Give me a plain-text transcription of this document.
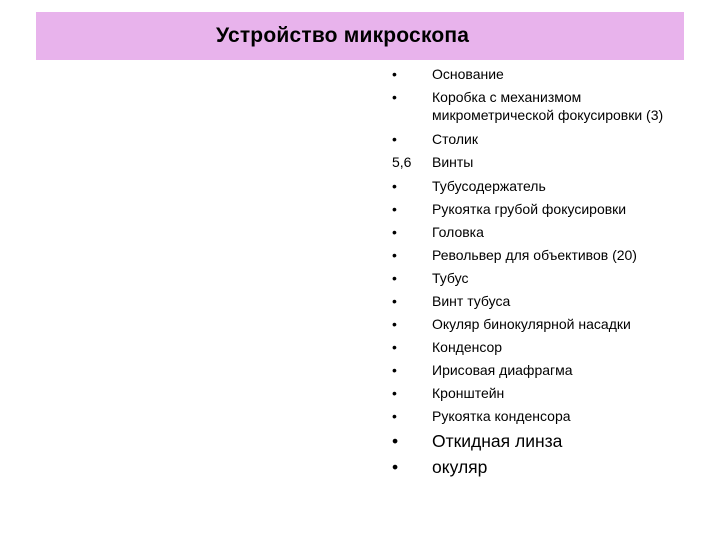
Устройство микроскопа
•	Основание
•	Коробка с механизмом
микрометрической фокусировки (3)
•	Столик
5,6	Винты
•	Тубусодержатель
•	Рукоятка грубой фокусировки
•	Головка
•	Револьвер для объективов (20)
•	Тубус
•	Винт тубуса
•	Окуляр бинокулярной насадки
•	Конденсор
•	Ирисовая диафрагма
•	Кронштейн
•	Рукоятка конденсора
•	Откидная линза
•	окуляр
